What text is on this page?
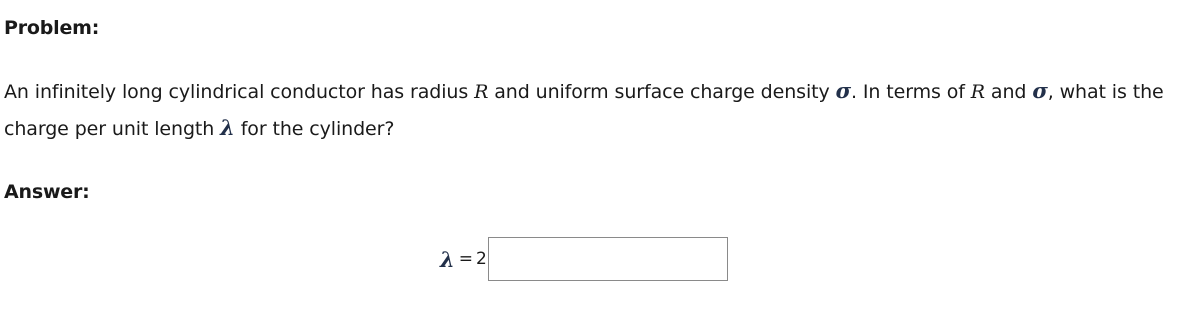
Problem:
An infinitely long cylindrical conductor has radius R and uniform surface charge density σ. In terms of R and σ, what is the charge per unit length λ for the cylinder?
Answer:
λ = 2
